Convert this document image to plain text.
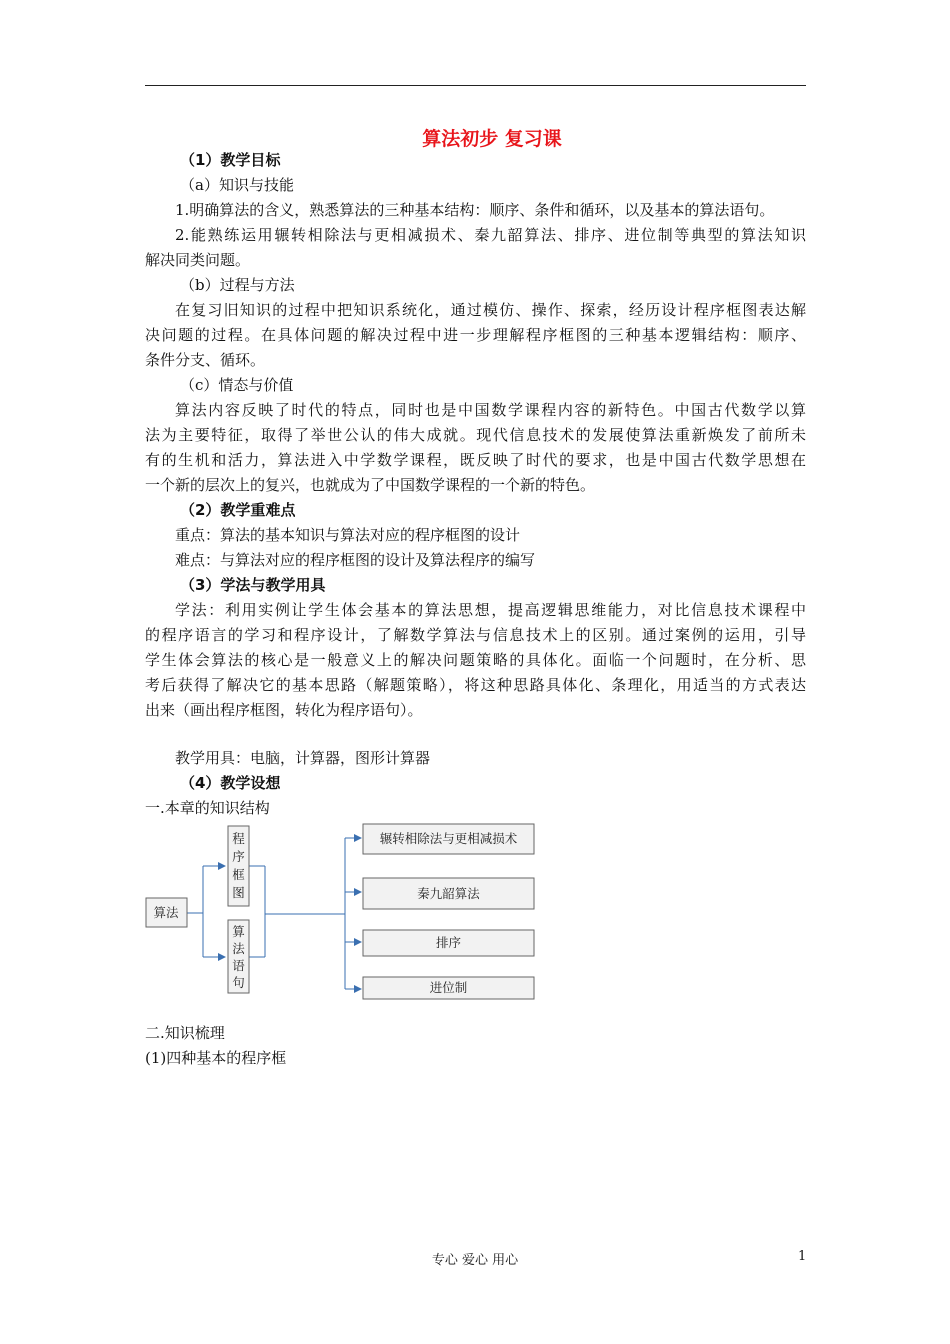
算法初步 复习课
（1）教学目标
（a）知识与技能
1.明确算法的含义，熟悉算法的三种基本结构：顺序、条件和循环，以及基本的算法语句。
2.能熟练运用辗转相除法与更相减损术、秦九韶算法、排序、进位制等典型的算法知识
解决同类问题。
（b）过程与方法
在复习旧知识的过程中把知识系统化，通过模仿、操作、探索，经历设计程序框图表达解
决问题的过程。在具体问题的解决过程中进一步理解程序框图的三种基本逻辑结构：顺序、
条件分支、循环。
（c）情态与价值
算法内容反映了时代的特点，同时也是中国数学课程内容的新特色。中国古代数学以算
法为主要特征，取得了举世公认的伟大成就。现代信息技术的发展使算法重新焕发了前所未
有的生机和活力，算法进入中学数学课程，既反映了时代的要求，也是中国古代数学思想在
一个新的层次上的复兴，也就成为了中国数学课程的一个新的特色。
（2）教学重难点
重点：算法的基本知识与算法对应的程序框图的设计
难点：与算法对应的程序框图的设计及算法程序的编写
（3）学法与教学用具
学法：利用实例让学生体会基本的算法思想，提高逻辑思维能力，对比信息技术课程中
的程序语言的学习和程序设计，了解数学算法与信息技术上的区别。通过案例的运用，引导
学生体会算法的核心是一般意义上的解决问题策略的具体化。面临一个问题时，在分析、思
考后获得了解决它的基本思路（解题策略），将这种思路具体化、条理化，用适当的方式表达
出来（画出程序框图，转化为程序语句）。
教学用具：电脑，计算器，图形计算器
（4）教学设想
一.本章的知识结构
算法
程
序
框
图
算
法
语
句
辗转相除法与更相减损术
秦九韶算法
排序
进位制
二.知识梳理
(1)四种基本的程序框
专心 爱心 用心	1
